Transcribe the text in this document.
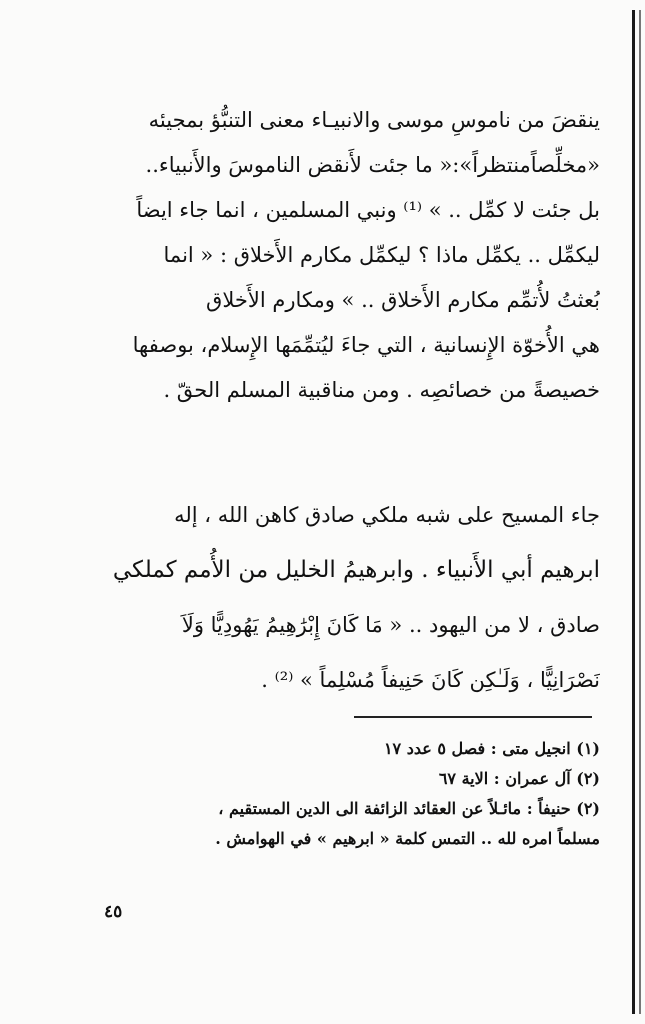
ينقضَ من ناموسِ موسى والانبيـاء معنى التنبُّؤ بمجيئه
«مخلِّصاًمنتظراً»:« ما جئت لأَنقض الناموسَ والأَنبياء..
بل جئت لا كمِّل .. » ⁽¹⁾ ونبي المسلمين ، انما جاء ايضاً
ليكمِّل .. يكمِّل ماذا ؟ ليكمِّل مكارم الأَخلاق : « انما
بُعثتُ لأُتمِّم مكارم الأَخلاق .. » ومكارم الأَخلاق
هي الأُخوّة الإِنسانية ، التي جاءَ ليُتمِّمَها الإِسلام، بوصفها
خصيصةً من خصائصِه . ومن مناقبية المسلم الحقّ .
جاء المسيح على شبه ملكي صادق كاهن الله ، إله
ابرهيم أبي الأَنبياء . وابرهيمُ الخليل من الأُمم كملكي
صادق ، لا من اليهود .. « مَا كَانَ إِبْرَٰهِيمُ يَهُودِيًّا وَلَاَ
نَصْرَانِيًّا ، وَلَـٰكِن كَانَ حَنِيفاً مُسْلِماً » ⁽²⁾ .
(١) انجيل متى : فصل ٥ عدد ١٧
(٢) آل عمران : الاية ٦٧
(٢) حنيفاً : مائـلاً عن العقائد الزائفة الى الدين المستقيم ،
مسلماً امره لله .. التمس كلمة « ابرهيم » في الهوامش .
٤٥
